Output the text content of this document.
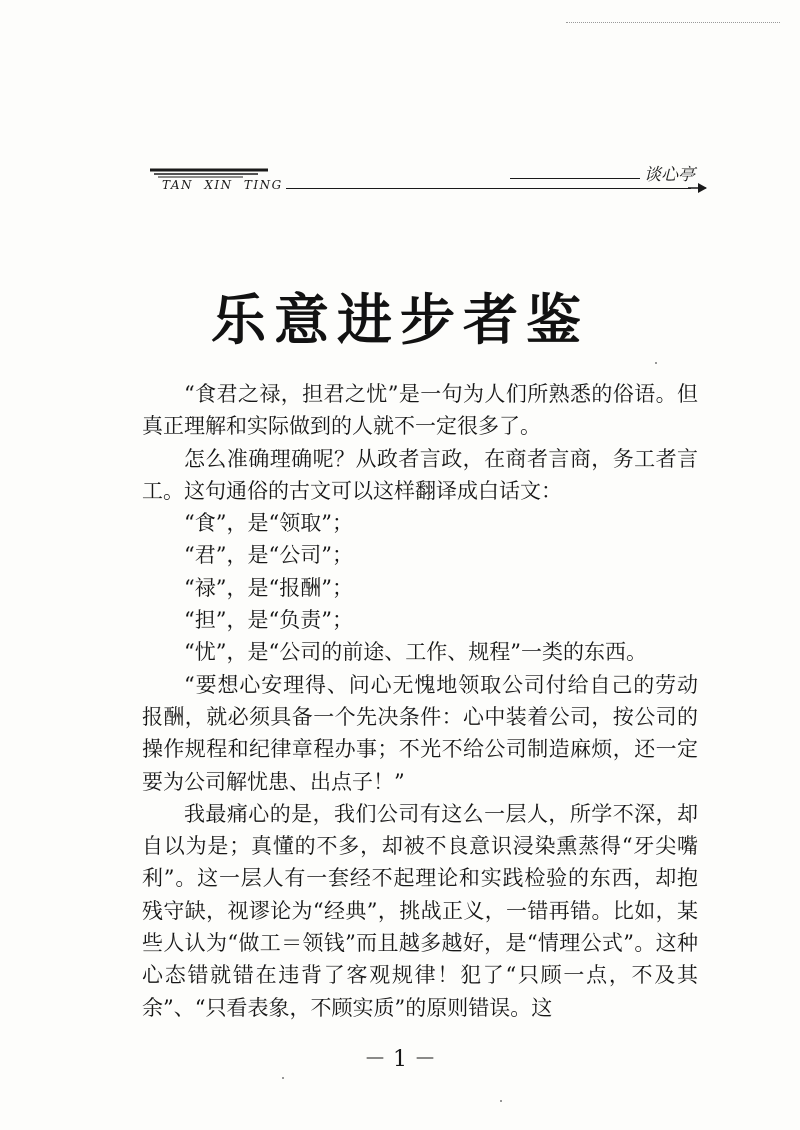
TAN XIN TING	谈心亭
乐意进步者鉴

“食君之禄，担君之忧”是一句为人们所熟悉的俗语。但真正理解和实际做到的人就不一定很多了。

怎么准确理确呢？从政者言政，在商者言商，务工者言工。这句通俗的古文可以这样翻译成白话文：

“食”，是“领取”；

“君”，是“公司”；

“禄”，是“报酬”；

“担”，是“负责”；

“忧”，是“公司的前途、工作、规程”一类的东西。

“要想心安理得、问心无愧地领取公司付给自己的劳动报酬，就必须具备一个先决条件：心中装着公司，按公司的操作规程和纪律章程办事；不光不给公司制造麻烦，还一定要为公司解忧患、出点子！”

我最痛心的是，我们公司有这么一层人，所学不深，却自以为是；真懂的不多，却被不良意识浸染熏蒸得“牙尖嘴利”。这一层人有一套经不起理论和实践检验的东西，却抱残守缺，视谬论为“经典”，挑战正义，一错再错。比如，某些人认为“做工＝领钱”而且越多越好，是“情理公式”。这种心态错就错在违背了客观规律！犯了“只顾一点，不及其余”、“只看表象，不顾实质”的原则错误。这

－ 1 －
